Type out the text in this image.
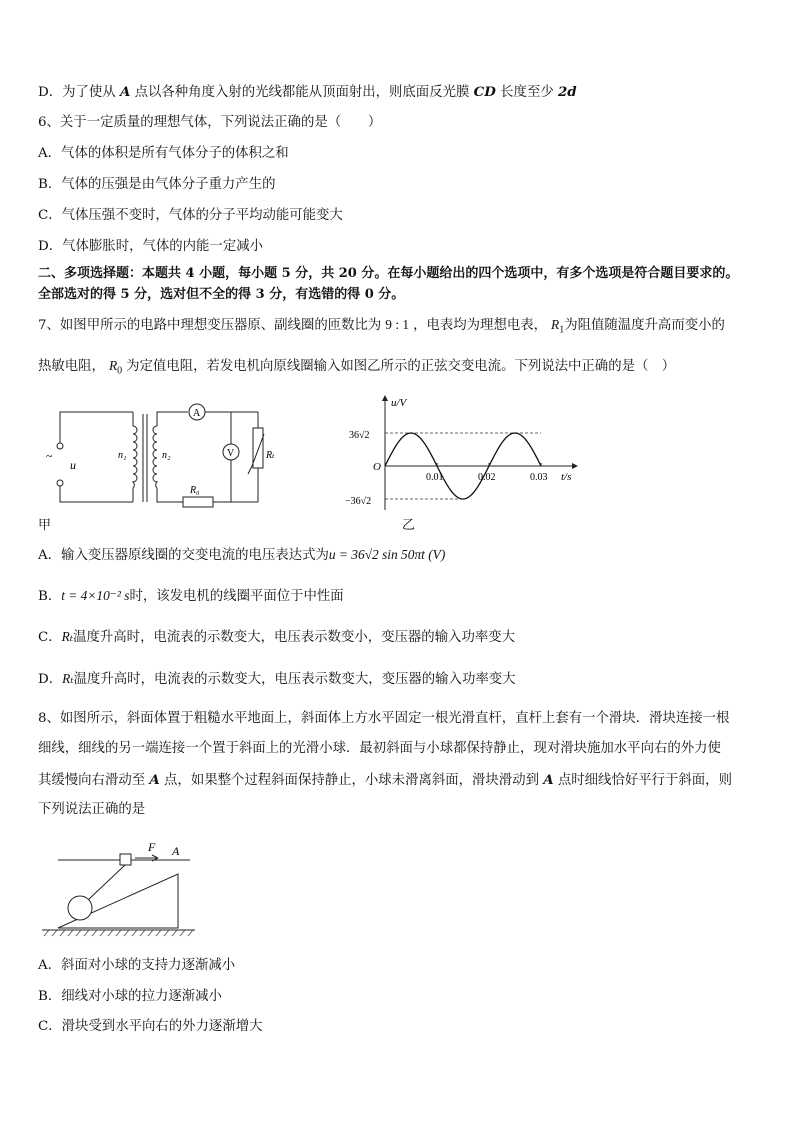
D．为了使从 A 点以各种角度入射的光线都能从顶面射出，则底面反光膜 CD 长度至少 2d
6、关于一定质量的理想气体，下列说法正确的是（　　）
A．气体的体积是所有气体分子的体积之和
B．气体的压强是由气体分子重力产生的
C．气体压强不变时，气体的分子平均动能可能变大
D．气体膨胀时，气体的内能一定减小
二、多项选择题：本题共 4 小题，每小题 5 分，共 20 分。在每小题给出的四个选项中，有多个选项是符合题目要求的。
全部选对的得 5 分，选对但不全的得 3 分，有选错的得 0 分。
7、如图甲所示的电路中理想变压器原、副线圈的匝数比为 9 : 1 ，电表均为理想电表， $R_1$为阻值随温度升高而变小的
热敏电阻， $R_0$ 为定值电阻，若发电机向原线圈输入如图乙所示的正弦交变电流。下列说法中正确的是（　）
~
u
n₁	n₂
A
V	Rₜ
R₀
甲
u/V
t/s
O
36√2
−36√2
0.01	0.02	0.03
乙
A．输入变压器原线圈的交变电流的电压表达式为u = 36√2 sin 50πt (V)
B．t = 4×10⁻² s时，该发电机的线圈平面位于中性面
C．Rₜ温度升高时，电流表的示数变大，电压表示数变小，变压器的输入功率变大
D．Rₜ温度升高时，电流表的示数变大，电压表示数变大，变压器的输入功率变大
8、如图所示，斜面体置于粗糙水平地面上，斜面体上方水平固定一根光滑直杆，直杆上套有一个滑块．滑块连接一根
细线，细线的另一端连接一个置于斜面上的光滑小球．最初斜面与小球都保持静止，现对滑块施加水平向右的外力使
其缓慢向右滑动至 A 点，如果整个过程斜面保持静止，小球未滑离斜面，滑块滑动到 A 点时细线恰好平行于斜面，则
下列说法正确的是
F A
A．斜面对小球的支持力逐渐减小
B．细线对小球的拉力逐渐减小
C．滑块受到水平向右的外力逐渐增大
